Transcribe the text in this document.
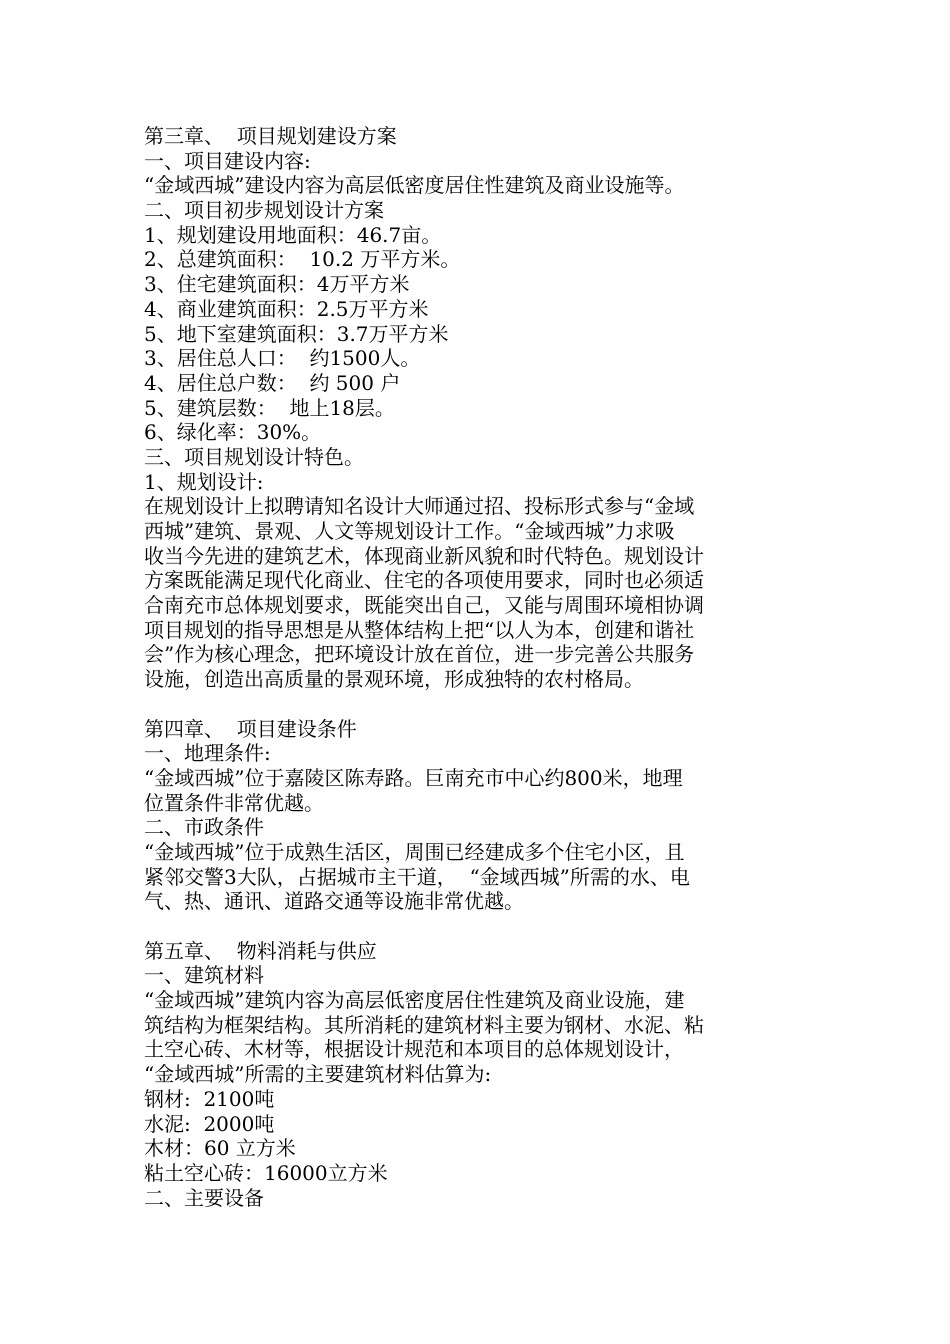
第三章、  项目规划建设方案
一、项目建设内容:
“金域西城”建设内容为高层低密度居住性建筑及商业设施等。
二、项目初步规划设计方案
1、规划建设用地面积：46.7亩。
2、总建筑面积：  10.2 万平方米。
3、住宅建筑面积：4万平方米
4、商业建筑面积：2.5万平方米
5、地下室建筑面积：3.7万平方米
3、居住总人口：  约1500人。
4、居住总户数：  约 500 户
5、建筑层数：  地上18层。
6、绿化率：30%。
三、项目规划设计特色。
1、规划设计:
在规划设计上拟聘请知名设计大师通过招、投标形式参与“金域
西城”建筑、景观、人文等规划设计工作。“金域西城”力求吸
收当今先进的建筑艺术，体现商业新风貌和时代特色。规划设计
方案既能满足现代化商业、住宅的各项使用要求，同时也必须适
合南充市总体规划要求，既能突出自己，又能与周围环境相协调
项目规划的指导思想是从整体结构上把“以人为本，创建和谐社
会”作为核心理念，把环境设计放在首位，进一步完善公共服务
设施，创造出高质量的景观环境，形成独特的农村格局。
第四章、  项目建设条件
一、地理条件:
“金域西城”位于嘉陵区陈寿路。巨南充市中心约800米，地理
位置条件非常优越。
二、市政条件
“金域西城”位于成熟生活区，周围已经建成多个住宅小区，且
紧邻交警3大队，占据城市主干道，  “金域西城”所需的水、电
气、热、通讯、道路交通等设施非常优越。
第五章、  物料消耗与供应
一、建筑材料
“金域西城”建筑内容为高层低密度居住性建筑及商业设施，建
筑结构为框架结构。其所消耗的建筑材料主要为钢材、水泥、粘
土空心砖、木材等，根据设计规范和本项目的总体规划设计，
“金域西城”所需的主要建筑材料估算为:
钢材:  2100吨
水泥:  2000吨
木材：60 立方米
粘土空心砖：16000立方米
二、主要设备
